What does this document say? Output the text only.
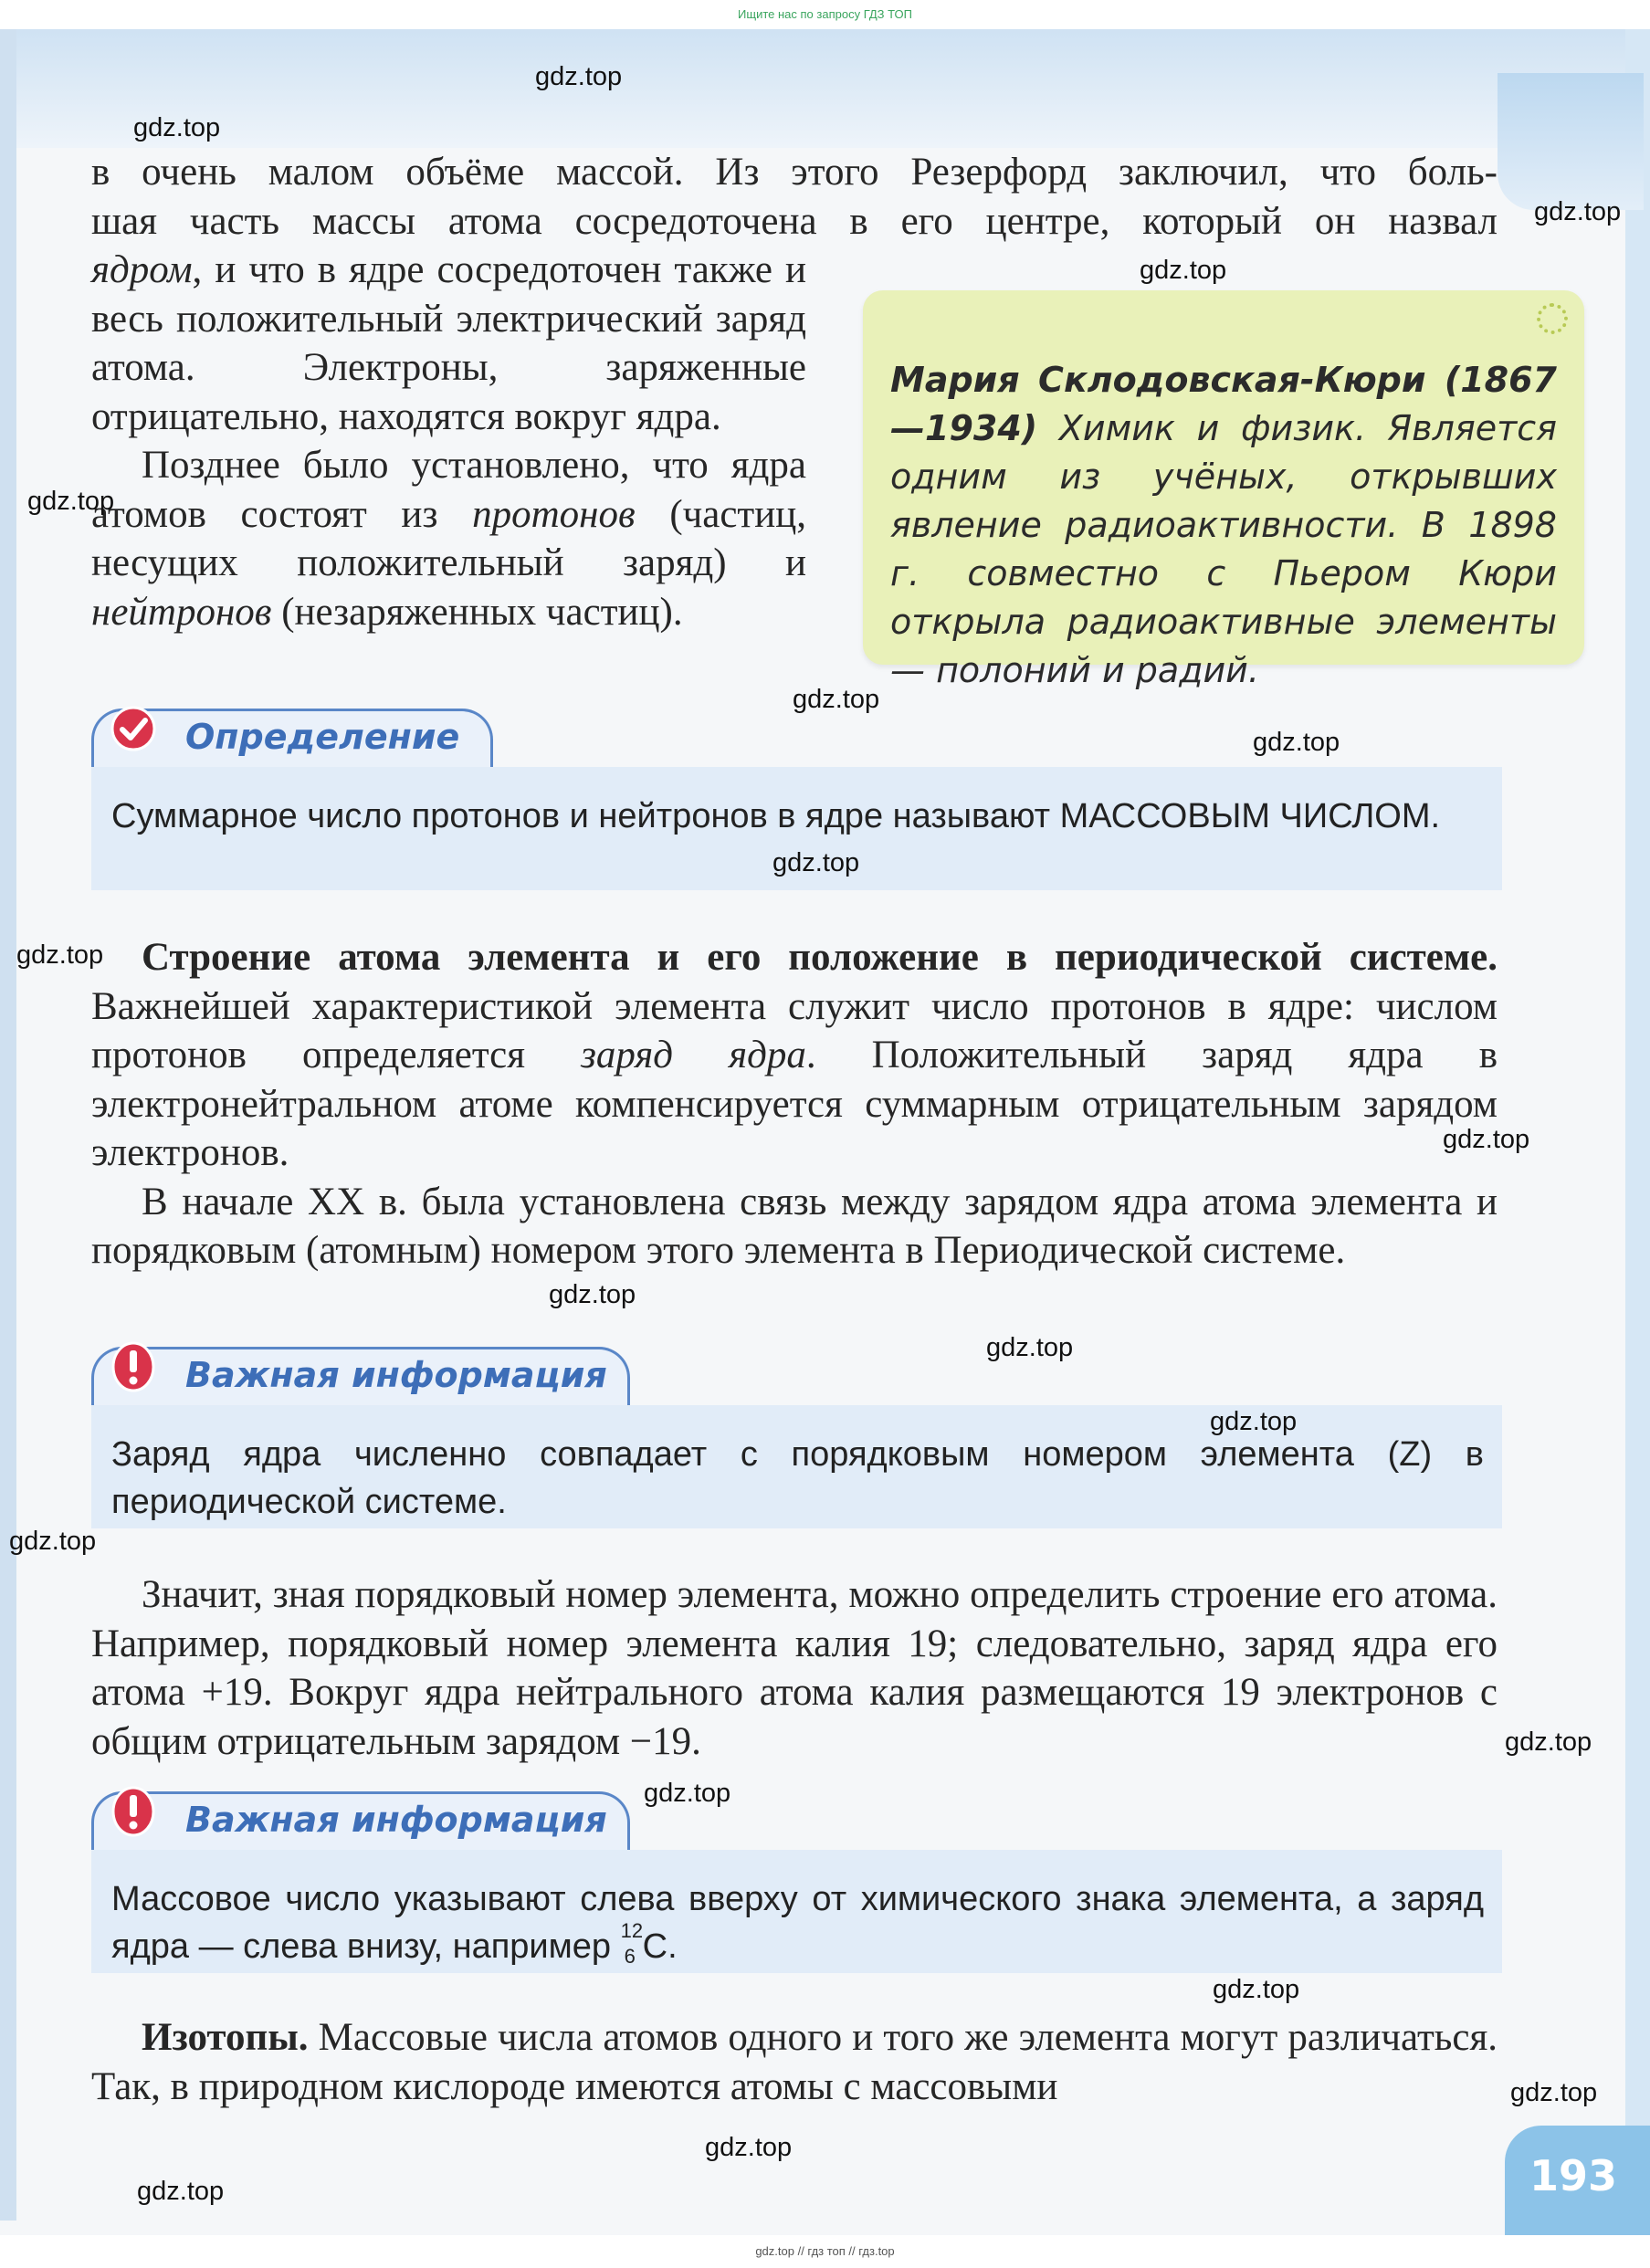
Ищите нас по запросу ГДЗ ТОП

в очень малом объёме массой. Из этого Резерфорд заключил, что боль-

шая часть массы атома сосредоточена в его центре, который он назвал

ядром, и что в ядре сосредоточен также и весь положительный электрический заряд атома. Электроны, заряженные отрицательно, находятся вокруг ядра.

Позднее было установлено, что ядра атомов состоят из протонов (частиц, несущих положительный заряд) и нейтронов (незаряженных частиц).

Мария Склодовская-Кюри (1867—1934) Химик и физик. Является одним из учёных, открывших явление радиоактивности. В 1898 г. совместно с Пьером Кюри открыла радиоактивные элементы — полоний и радий.
Определение
Суммарное число протонов и нейтронов в ядре называют МАССОВЫМ ЧИСЛОМ.

Строение атома элемента и его положение в периодической системе. Важнейшей характеристикой элемента служит число протонов в ядре: числом протонов определяется заряд ядра. Положительный заряд ядра в электронейтральном атоме компенсируется суммарным отрицательным зарядом электронов.

В начале XX в. была установлена связь между зарядом ядра атома элемента и порядковым (атомным) номером этого элемента в Периодической системе.

Важная информация
Заряд ядра численно совпадает с порядковым номером элемента (Z) в периодической системе.

Значит, зная порядковый номер элемента, можно определить строение его атома. Например, порядковый номер элемента калия 19; следовательно, заряд ядра его атома +19. Вокруг ядра нейтрального атома калия размещаются 19 электронов с общим отрицательным зарядом −19.

Важная информация
Массовое число указывают слева вверху от химического знака элемента, а заряд ядра — слева внизу, например 12
6 C.

Изотопы. Массовые числа атомов одного и того же элемента могут различаться. Так, в природном кислороде имеются атомы с массовыми

193
gdz.top
gdz.top
gdz.top
gdz.top
gdz.top
gdz.top
gdz.top
gdz.top
gdz.top
gdz.top
gdz.top
gdz.top
gdz.top
gdz.top
gdz.top
gdz.top
gdz.top
gdz.top
gdz.top
gdz.top
gdz.top // гдз топ // гдз.top
